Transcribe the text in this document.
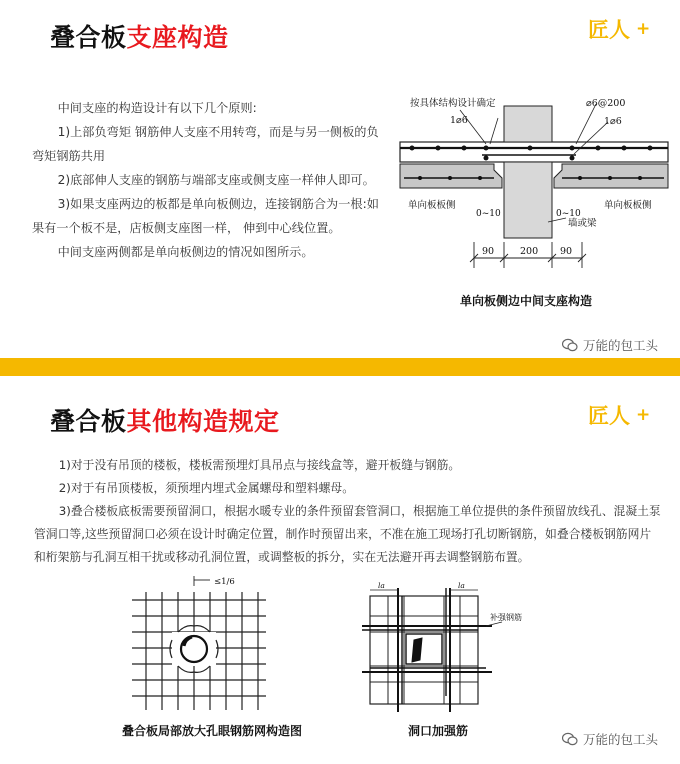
叠合板支座构造	匠人 +

中间支座的构造设计有以下几个原则:

1)上部负弯矩 钢筋伸人支座不用转弯，而是与另一侧板的负弯矩钢筋共用

2)底部伸人支座的钢筋与端部支座或侧支座一样伸人即可。

3)如果支座两边的板都是单向板侧边，连接钢筋合为一根:如果有一个板不是，店板侧支座图一样， 伸到中心线位置。

中间支座两侧都是单向板侧边的情况如图所示。

按具体结构设计确定
1⌀6
⌀6@200
1⌀6
单向板板侧	单向板板侧
0~10	0~10
墙或梁
90	200 90
单向板侧边中间支座构造
万能的包工头
叠合板其他构造规定	匠人 +

1)对于没有吊顶的楼板，楼板需预埋灯具吊点与接线盒等，避开板缝与钢筋。

2)对于有吊顶楼板，须预埋内埋式金属螺母和塑料螺母。

3)叠合楼板底板需要预留洞口，根据水暖专业的条件预留套管洞口，根据施工单位提供的条件预留放线孔、混凝土泵管洞口等,这些预留洞口必须在设计时确定位置，制作时预留出来，不准在施工现场打孔切断钢筋，如叠合楼板钢筋网片和桁架筋与孔洞互相干扰或移动孔洞位置，或调整板的拆分，实在无法避开再去调整钢筋布置。

≤1/6	la	la
补强钢筋
叠合板局部放大孔眼钢筋网构造图	洞口加强筋
万能的包工头
